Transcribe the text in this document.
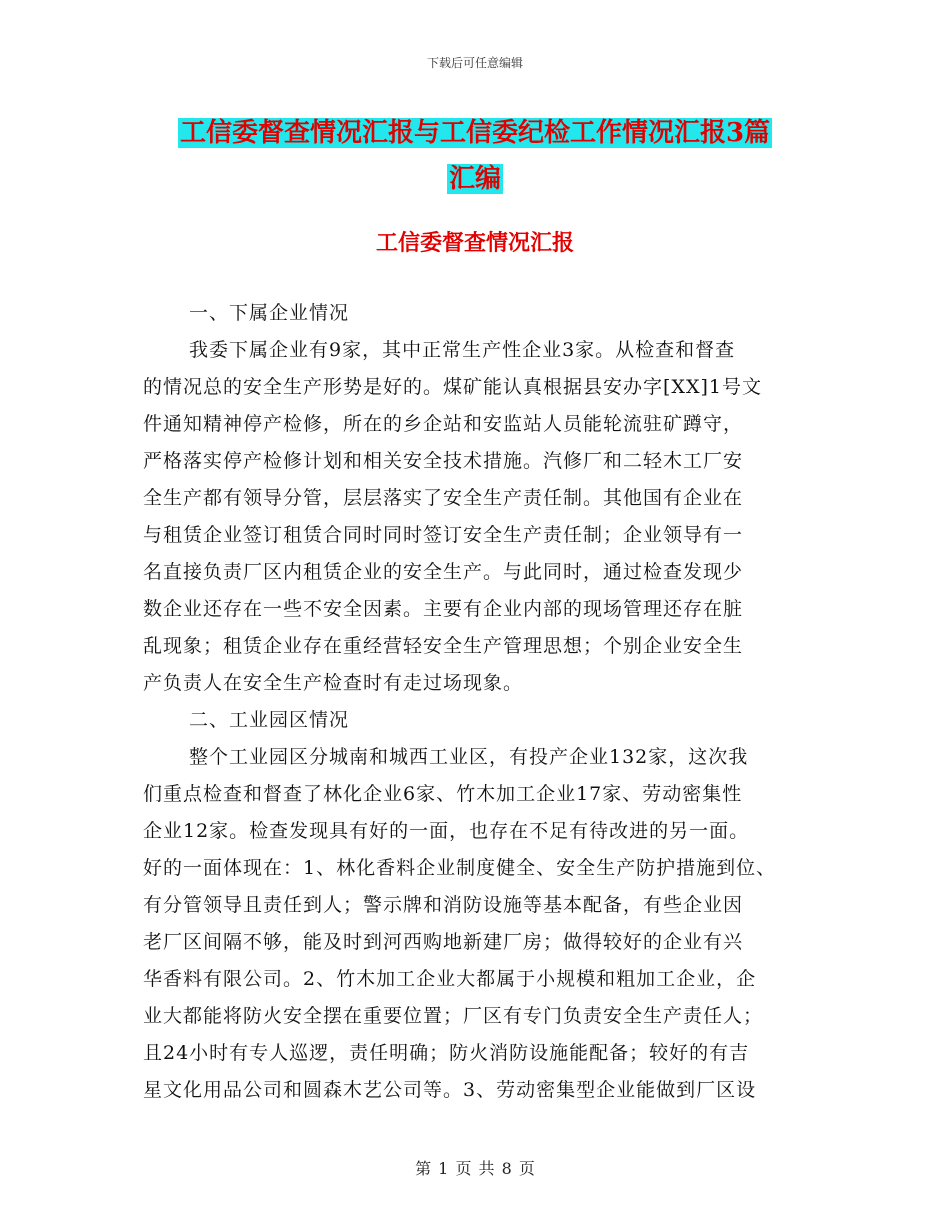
下载后可任意编辑
工信委督查情况汇报与工信委纪检工作情况汇报3篇
汇编
工信委督查情况汇报
一、下属企业情况
我委下属企业有9家，其中正常生产性企业3家。从检查和督查
的情况总的安全生产形势是好的。煤矿能认真根据县安办字[XX]1号文
件通知精神停产检修，所在的乡企站和安监站人员能轮流驻矿蹲守，
严格落实停产检修计划和相关安全技术措施。汽修厂和二轻木工厂安
全生产都有领导分管，层层落实了安全生产责任制。其他国有企业在
与租赁企业签订租赁合同时同时签订安全生产责任制；企业领导有一
名直接负责厂区内租赁企业的安全生产。与此同时，通过检查发现少
数企业还存在一些不安全因素。主要有企业内部的现场管理还存在脏
乱现象；租赁企业存在重经营轻安全生产管理思想；个别企业安全生
产负责人在安全生产检查时有走过场现象。
二、工业园区情况
整个工业园区分城南和城西工业区，有投产企业132家，这次我
们重点检查和督查了林化企业6家、竹木加工企业17家、劳动密集性
企业12家。检查发现具有好的一面，也存在不足有待改进的另一面。
好的一面体现在：1、林化香料企业制度健全、安全生产防护措施到位、
有分管领导且责任到人；警示牌和消防设施等基本配备，有些企业因
老厂区间隔不够，能及时到河西购地新建厂房；做得较好的企业有兴
华香料有限公司。2、竹木加工企业大都属于小规模和粗加工企业，企
业大都能将防火安全摆在重要位置；厂区有专门负责安全生产责任人；
且24小时有专人巡逻，责任明确；防火消防设施能配备；较好的有吉
星文化用品公司和圆森木艺公司等。3、劳动密集型企业能做到厂区设
第 1 页 共 8 页
